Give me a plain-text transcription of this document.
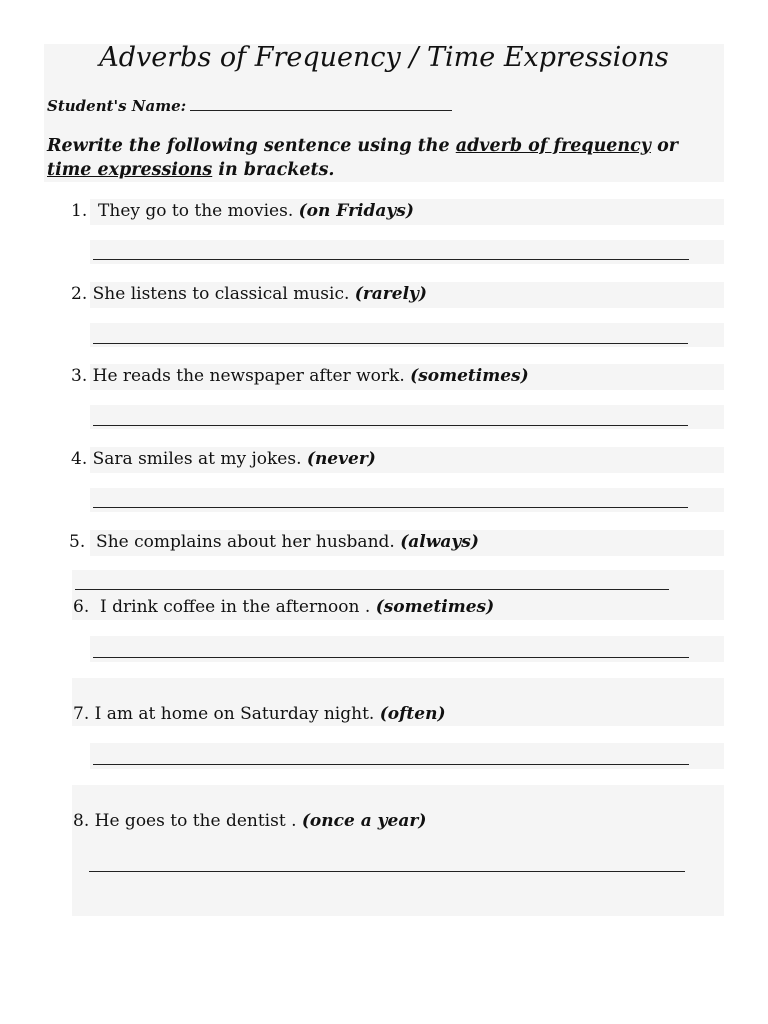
Adverbs of Frequency / Time Expressions
Student's Name:
Rewrite the following sentence using the adverb of frequency or time expressions in brackets.
1. They go to the movies. (on Fridays)
2. She listens to classical music. (rarely)
3. He reads the newspaper after work. (sometimes)
4. Sara smiles at my jokes. (never)
5. She complains about her husband. (always)
6. I drink coffee in the afternoon . (sometimes)
7. I am at home on Saturday night. (often)
8. He goes to the dentist . (once a year)
